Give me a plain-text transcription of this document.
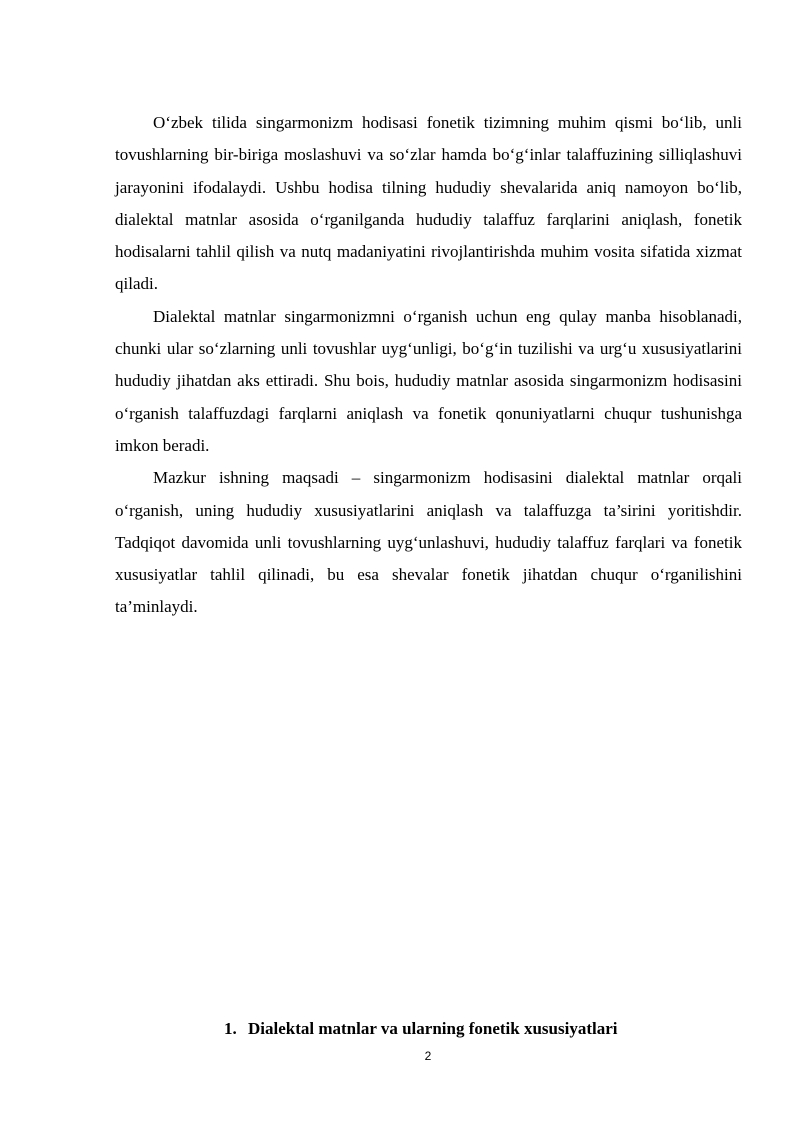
O‘zbek tilida singarmonizm hodisasi fonetik tizimning muhim qismi bo‘lib, unli tovushlarning bir-biriga moslashuvi va so‘zlar hamda bo‘g‘inlar talaffuzining silliqlashuvi jarayonini ifodalaydi. Ushbu hodisa tilning hududiy shevalarida aniq namoyon bo‘lib, dialektal matnlar asosida o‘rganilganda hududiy talaffuz farqlarini aniqlash, fonetik hodisalarni tahlil qilish va nutq madaniyatini rivojlantirishda muhim vosita sifatida xizmat qiladi.

Dialektal matnlar singarmonizmni o‘rganish uchun eng qulay manba hisoblanadi, chunki ular so‘zlarning unli tovushlar uyg‘unligi, bo‘g‘in tuzilishi va urg‘u xususiyatlarini hududiy jihatdan aks ettiradi. Shu bois, hududiy matnlar asosida singarmonizm hodisasini o‘rganish talaffuzdagi farqlarni aniqlash va fonetik qonuniyatlarni chuqur tushunishga imkon beradi.

Mazkur ishning maqsadi – singarmonizm hodisasini dialektal matnlar orqali o‘rganish, uning hududiy xususiyatlarini aniqlash va talaffuzga ta’sirini yoritishdir. Tadqiqot davomida unli tovushlarning uyg‘unlashuvi, hududiy talaffuz farqlari va fonetik xususiyatlar tahlil qilinadi, bu esa shevalar fonetik jihatdan chuqur o‘rganilishini ta’minlaydi.

1. Dialektal matnlar va ularning fonetik xususiyatlari
2
